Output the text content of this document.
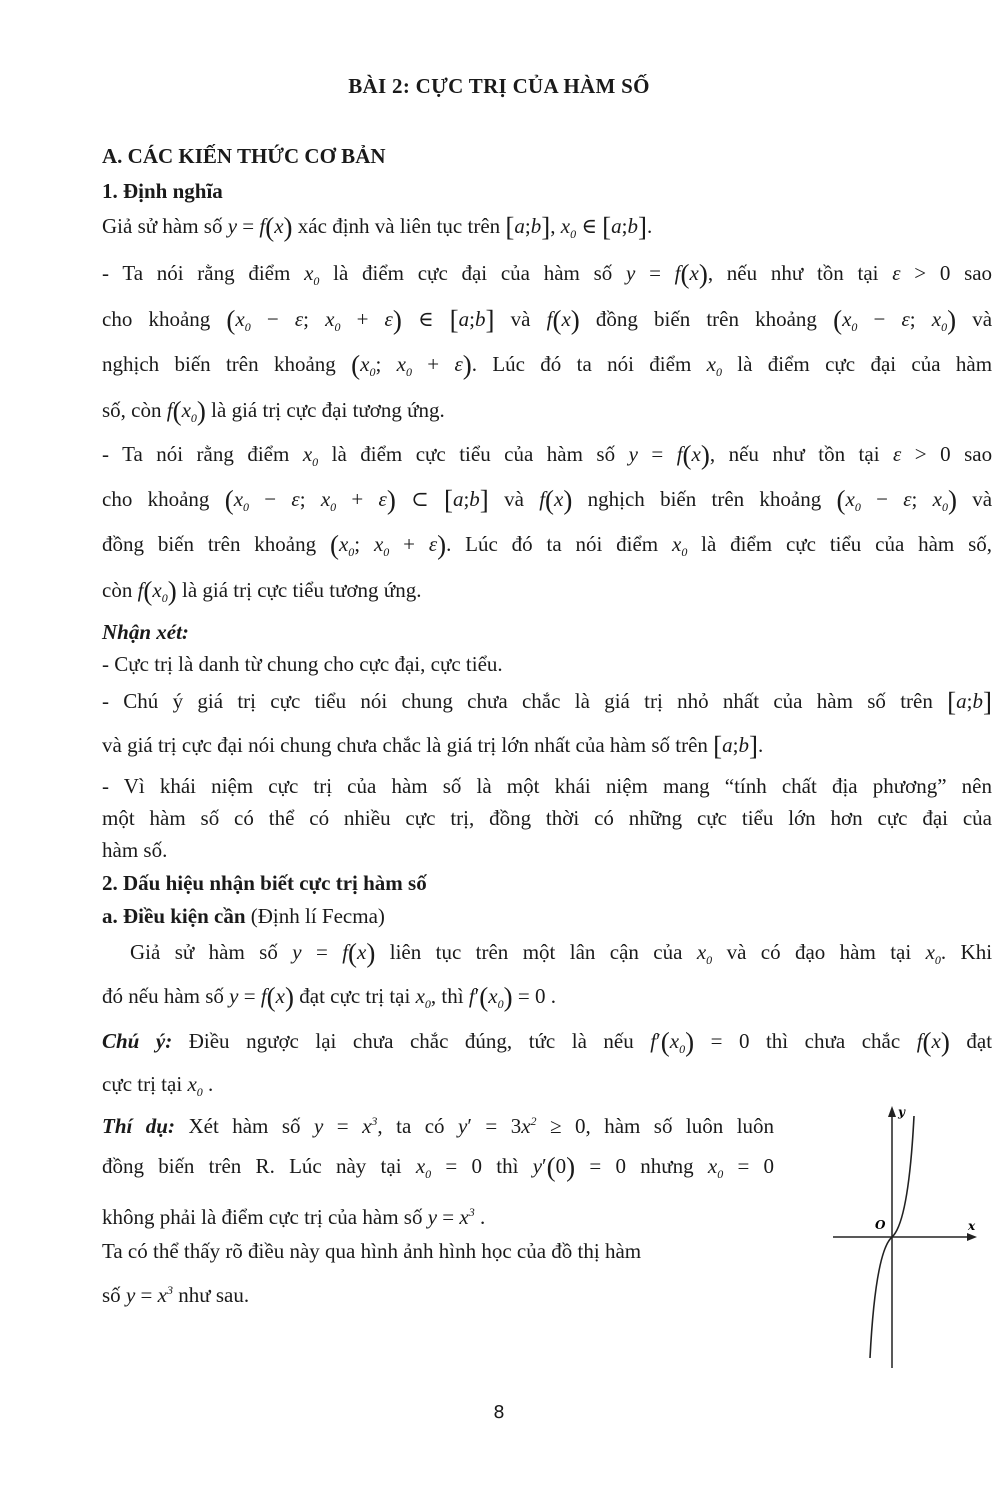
BÀI 2: CỰC TRỊ CỦA HÀM SỐ
A. CÁC KIẾN THỨC CƠ BẢN
1. Định nghĩa
Giả sử hàm số y = f(x) xác định và liên tục trên [a;b], $x_0$ ∈ [a;b].
- Ta nói rằng điểm $x_0$ là điểm cực đại của hàm số y = f(x), nếu như tồn tại ε > 0 sao
cho khoảng ($x_0 - \varepsilon$; $x_0 + \varepsilon$) ∈ [a;b] và f(x) đồng biến trên khoảng ($x_0 - \varepsilon$; $x_0$) và
nghịch biến trên khoảng ($x_0$; $x_0 + \varepsilon$). Lúc đó ta nói điểm $x_0$ là điểm cực đại của hàm
số, còn $f(x_0)$ là giá trị cực đại tương ứng.
- Ta nói rằng điểm $x_0$ là điểm cực tiểu của hàm số y = f(x), nếu như tồn tại ε > 0 sao
cho khoảng ($x_0 - \varepsilon$; $x_0 + \varepsilon$) ⊂ [a;b] và f(x) nghịch biến trên khoảng ($x_0 - \varepsilon$; $x_0$) và
đồng biến trên khoảng ($x_0$; $x_0 + \varepsilon$). Lúc đó ta nói điểm $x_0$ là điểm cực tiểu của hàm số,
còn $f(x_0)$ là giá trị cực tiểu tương ứng.
Nhận xét:
- Cực trị là danh từ chung cho cực đại, cực tiểu.
- Chú ý giá trị cực tiểu nói chung chưa chắc là giá trị nhỏ nhất của hàm số trên [a;b]
và giá trị cực đại nói chung chưa chắc là giá trị lớn nhất của hàm số trên [a;b].
- Vì khái niệm cực trị của hàm số là một khái niệm mang “tính chất địa phương” nên
một hàm số có thể có nhiều cực trị, đồng thời có những cực tiểu lớn hơn cực đại của
hàm số.
2. Dấu hiệu nhận biết cực trị hàm số
a. Điều kiện cần (Định lí Fecma)
Giả sử hàm số y = f(x) liên tục trên một lân cận của $x_0$ và có đạo hàm tại $x_0$. Khi
đó nếu hàm số y = f(x) đạt cực trị tại $x_0$, thì $f'(x_0) = 0$ .
Chú ý: Điều ngược lại chưa chắc đúng, tức là nếu $f'(x_0) = 0$ thì chưa chắc f(x) đạt
cực trị tại $x_0$ .
Thí dụ: Xét hàm số $y = x^3$, ta có $y' = 3x^2 \ge 0$, hàm số luôn luôn
đồng biến trên R. Lúc này tại $x_0 = 0$ thì y′(0) = 0 nhưng $x_0 = 0$
không phải là điểm cực trị của hàm số $y = x^3$ .
Ta có thể thấy rõ điều này qua hình ảnh hình học của đồ thị hàm
số $y = x^3$ như sau.
y
x
O
8
